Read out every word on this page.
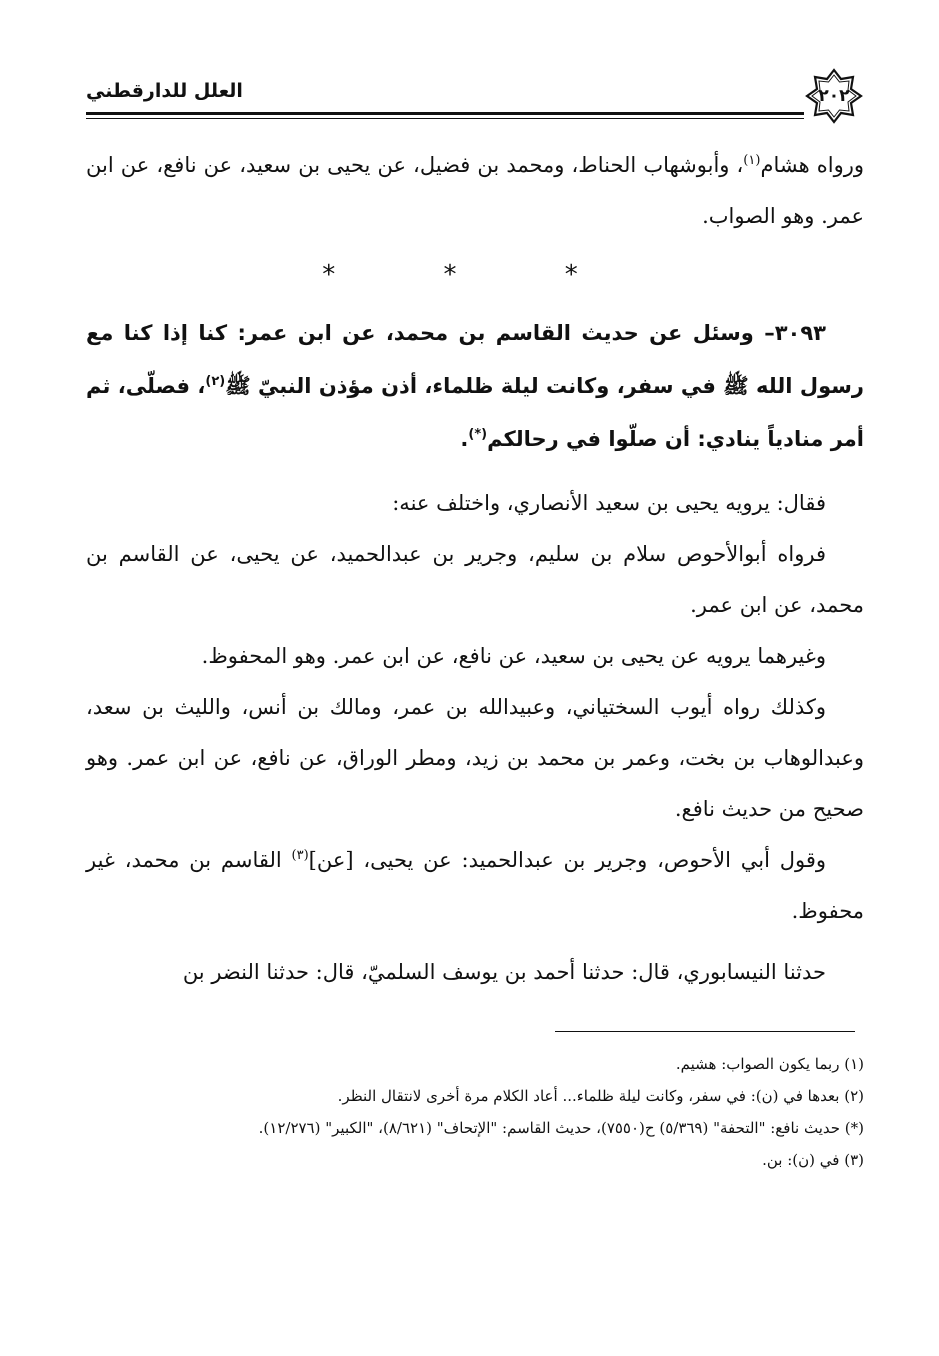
العلل للدارقطني	٢٠٢

ورواه هشام$^{(١)}$، وأبوشهاب الحناط، ومحمد بن فضيل، عن يحيى بن سعيد، عن نافع، عن ابن عمر. وهو الصواب.

* * *

٣٠٩٣– وسئل عن حديث القاسم بن محمد، عن ابن عمر: كنا إذا كنا مع رسول الله ﷺ في سفر، وكانت ليلة ظلماء، أذن مؤذن النبيّ ﷺ$^{(٢)}$، فصلّى، ثم أمر منادياً ينادي: أن صلّوا في رحالكم(*).

فقال: يرويه يحيى بن سعيد الأنصاري، واختلف عنه:

فرواه أبوالأحوص سلام بن سليم، وجرير بن عبدالحميد، عن يحيى، عن القاسم بن محمد، عن ابن عمر.

وغيرهما يرويه عن يحيى بن سعيد، عن نافع، عن ابن عمر. وهو المحفوظ.

وكذلك رواه أيوب السختياني، وعبيدالله بن عمر، ومالك بن أنس، والليث بن سعد، وعبدالوهاب بن بخت، وعمر بن محمد بن زيد، ومطر الوراق، عن نافع، عن ابن عمر. وهو صحيح من حديث نافع.

وقول أبي الأحوص، وجرير بن عبدالحميد: عن يحيى، [عن]$^{(٣)}$ القاسم بن محمد، غير محفوظ.

حدثنا النيسابوري، قال: حدثنا أحمد بن يوسف السلميّ، قال: حدثنا النضر بن

(١) ربما يكون الصواب: هشيم.

(٢) بعدها في (ن): في سفر، وكانت ليلة ظلماء... أعاد الكلام مرة أخرى لانتقال النظر.

(*) حديث نافع: "التحفة" (٥/٣٦٩) ح(٧٥٥٠)، حديث القاسم: "الإتحاف" (٨/٦٢١)، "الكبير" (١٢/٢٧٦).

(٣) في (ن): بن.
